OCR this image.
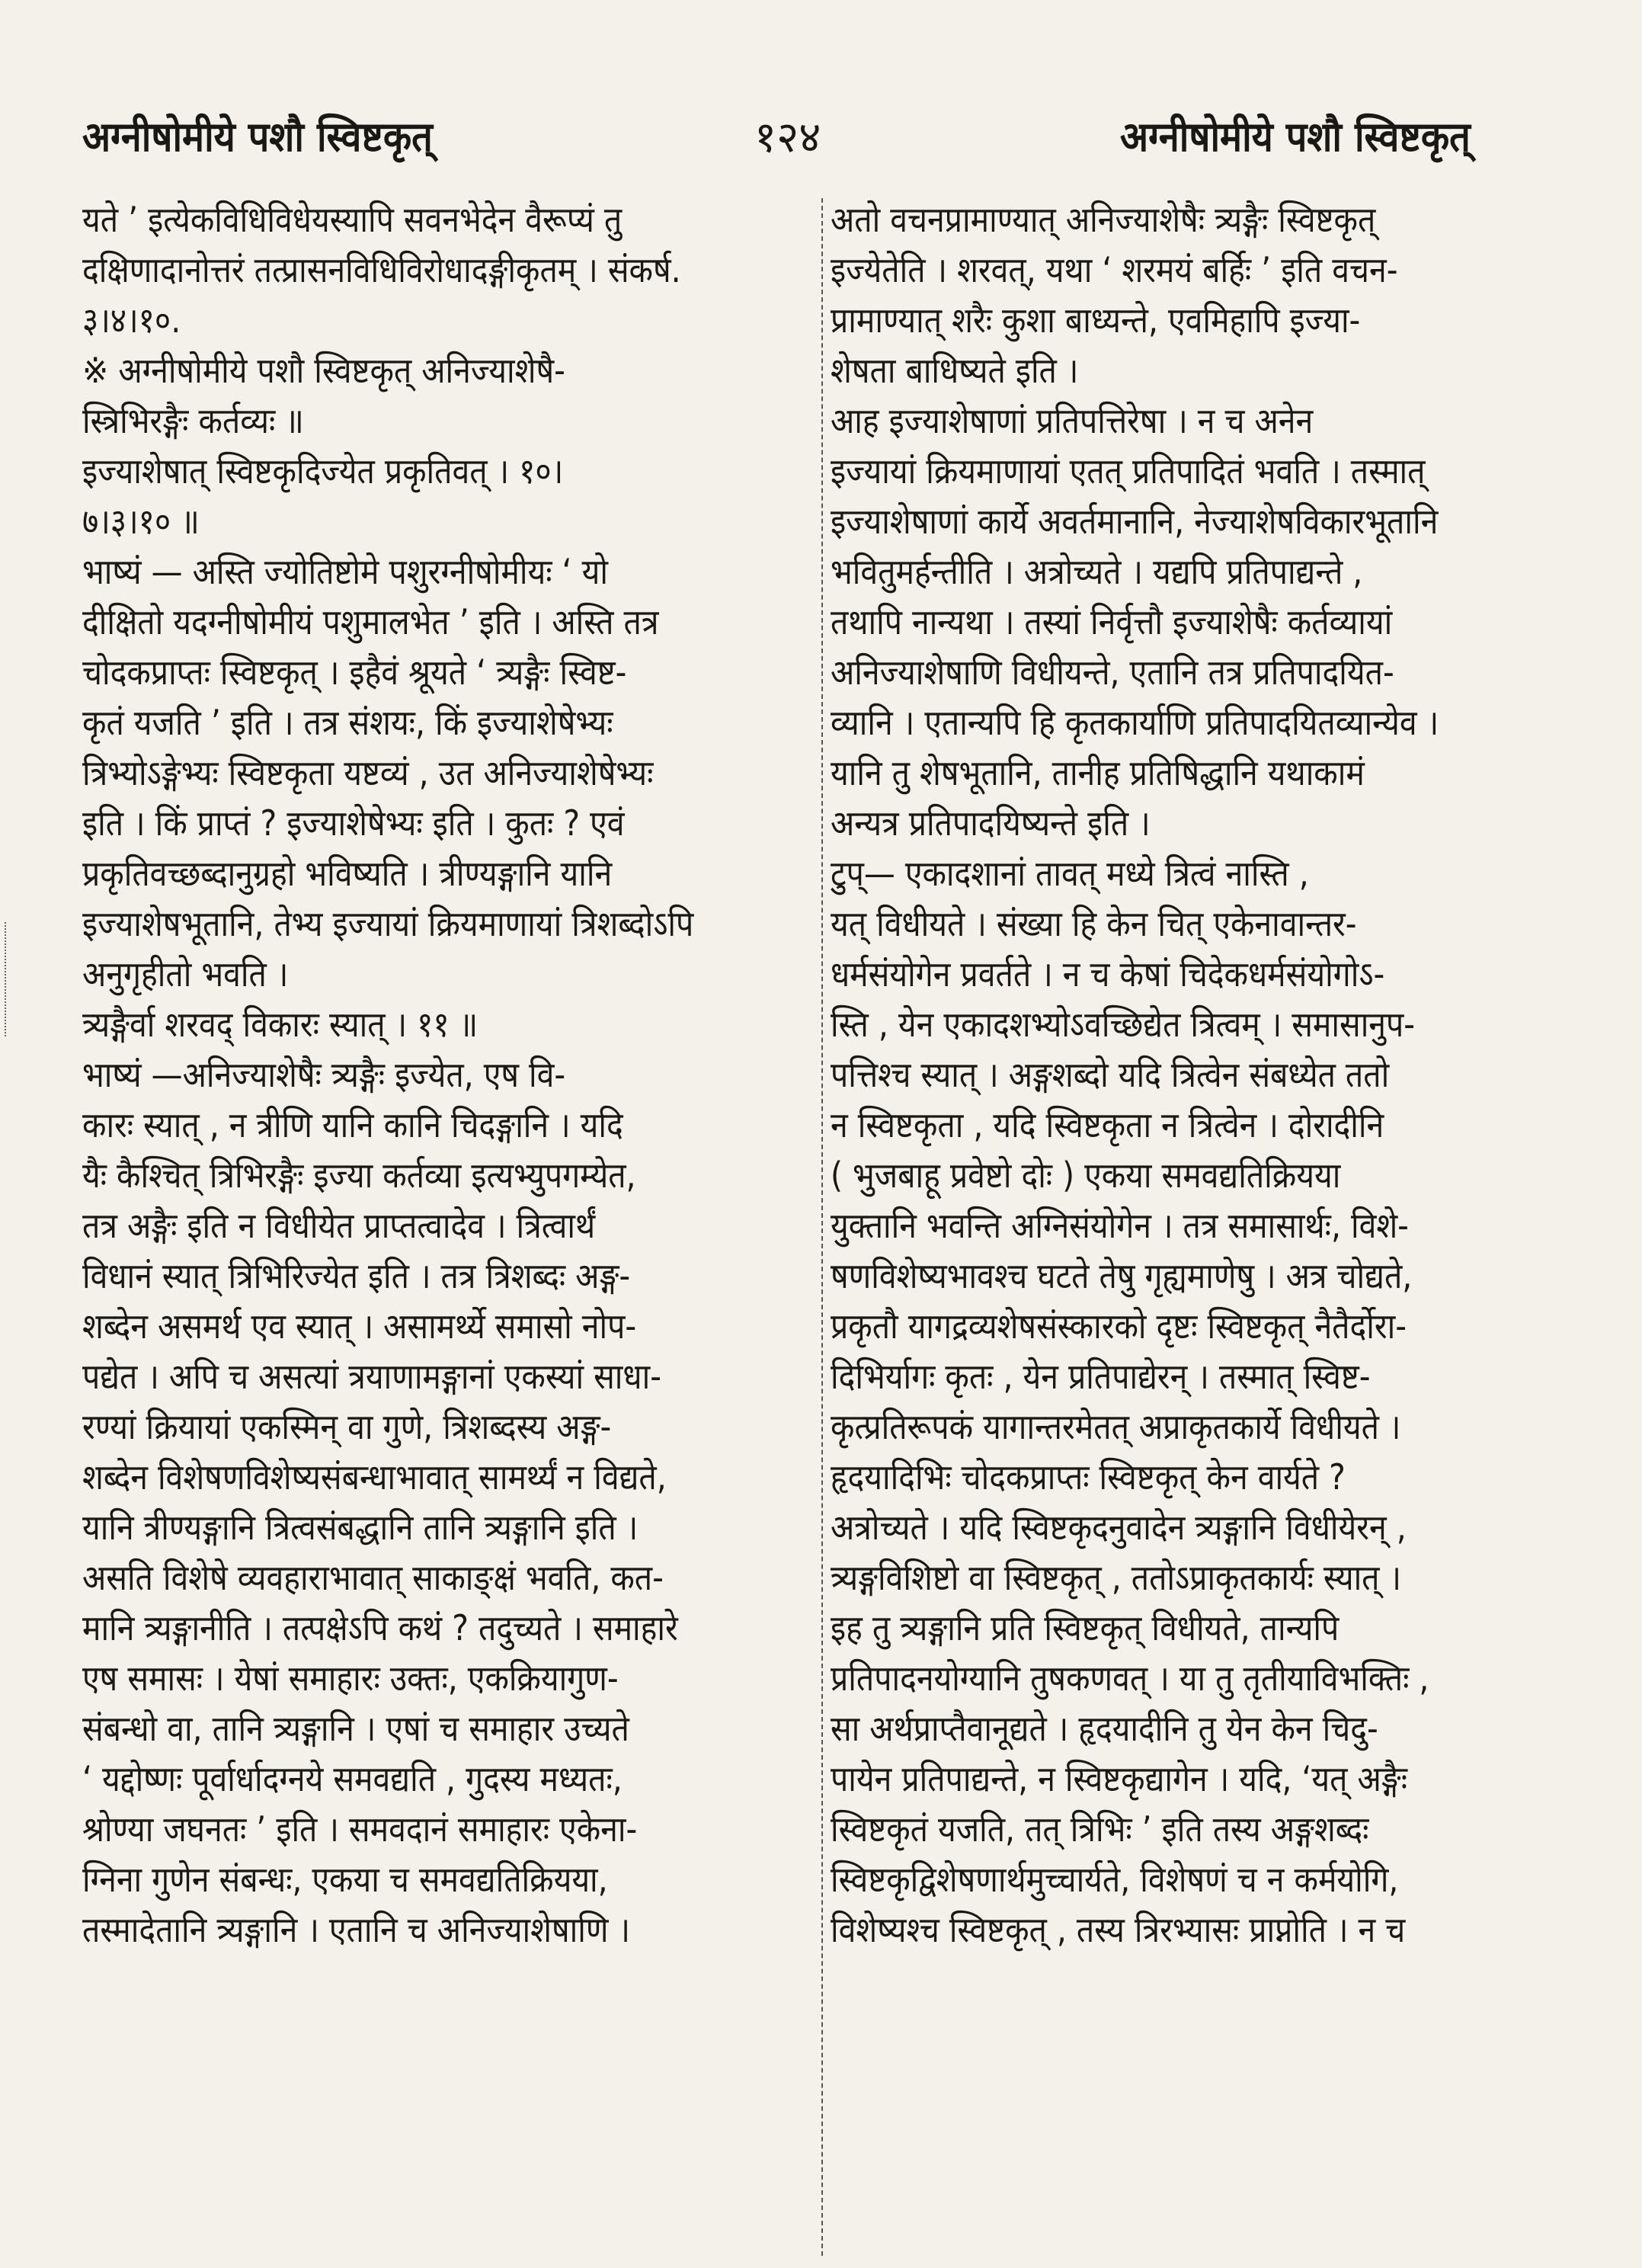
अग्नीषोमीये पशौ स्विष्टकृत्	१२४	अग्नीषोमीये पशौ स्विष्टकृत्
यते ’ इत्येकविधिविधेयस्यापि सवनभेदेन वैरूप्यं तु
दक्षिणादानोत्तरं तत्प्रासनविधिविरोधादङ्गीकृतम् । संकर्ष.
३।४।१०.
※ अग्नीषोमीये पशौ स्विष्टकृत् अनिज्याशेषै-
स्त्रिभिरङ्गैः कर्तव्यः ॥
इज्याशेषात् स्विष्टकृदिज्येत प्रकृतिवत् । १०।
७।३।१० ॥
भाष्यं — अस्ति ज्योतिष्टोमे पशुरग्नीषोमीयः ‘ यो
दीक्षितो यदग्नीषोमीयं पशुमालभेत ’ इति । अस्ति तत्र
चोदकप्राप्तः स्विष्टकृत् । इहैवं श्रूयते ‘ त्र्यङ्गैः स्विष्ट-
कृतं यजति ’ इति । तत्र संशयः, किं इज्याशेषेभ्यः
त्रिभ्योऽङ्गेभ्यः स्विष्टकृता यष्टव्यं , उत अनिज्याशेषेभ्यः
इति । किं प्राप्तं ? इज्याशेषेभ्यः इति । कुतः ? एवं
प्रकृतिवच्छब्दानुग्रहो भविष्यति । त्रीण्यङ्गानि यानि
इज्याशेषभूतानि, तेभ्य इज्यायां क्रियमाणायां त्रिशब्दोऽपि
अनुगृहीतो भवति ।
त्र्यङ्गैर्वा शरवद् विकारः स्यात् । ११ ॥
भाष्यं —अनिज्याशेषैः त्र्यङ्गैः इज्येत, एष वि-
कारः स्यात् , न त्रीणि यानि कानि चिदङ्गानि । यदि
यैः कैश्चित् त्रिभिरङ्गैः इज्या कर्तव्या इत्यभ्युपगम्येत,
तत्र अङ्गैः इति न विधीयेत प्राप्तत्वादेव । त्रित्वार्थं
विधानं स्यात् त्रिभिरिज्येत इति । तत्र त्रिशब्दः अङ्ग-
शब्देन असमर्थ एव स्यात् । असामर्थ्ये समासो नोप-
पद्येत । अपि च असत्यां त्रयाणामङ्गानां एकस्यां साधा-
रण्यां क्रियायां एकस्मिन् वा गुणे, त्रिशब्दस्य अङ्ग-
शब्देन विशेषणविशेष्यसंबन्धाभावात् सामर्थ्यं न विद्यते,
यानि त्रीण्यङ्गानि त्रित्वसंबद्धानि तानि त्र्यङ्गानि इति ।
असति विशेषे व्यवहाराभावात् साकाङ्क्षं भवति, कत-
मानि त्र्यङ्गानीति । तत्पक्षेऽपि कथं ? तदुच्यते । समाहारे
एष समासः । येषां समाहारः उक्तः, एकक्रियागुण-
संबन्धो वा, तानि त्र्यङ्गानि । एषां च समाहार उच्यते
‘ यद्दोष्णः पूर्वार्धादग्नये समवद्यति , गुदस्य मध्यतः,
श्रोण्या जघनतः ’ इति । समवदानं समाहारः एकेना-
ग्निना गुणेन संबन्धः, एकया च समवद्यतिक्रियया,
तस्मादेतानि त्र्यङ्गानि । एतानि च अनिज्याशेषाणि ।
अतो वचनप्रामाण्यात् अनिज्याशेषैः त्र्यङ्गैः स्विष्टकृत्
इज्येतेति । शरवत्, यथा ‘ शरमयं बर्हिः ’ इति वचन-
प्रामाण्यात् शरैः कुशा बाध्यन्ते, एवमिहापि इज्या-
शेषता बाधिष्यते इति ।
आह इज्याशेषाणां प्रतिपत्तिरेषा । न च अनेन
इज्यायां क्रियमाणायां एतत् प्रतिपादितं भवति । तस्मात्
इज्याशेषाणां कार्ये अवर्तमानानि, नेज्याशेषविकारभूतानि
भवितुमर्हन्तीति । अत्रोच्यते । यद्यपि प्रतिपाद्यन्ते ,
तथापि नान्यथा । तस्यां निर्वृत्तौ इज्याशेषैः कर्तव्यायां
अनिज्याशेषाणि विधीयन्ते, एतानि तत्र प्रतिपादयित-
व्यानि । एतान्यपि हि कृतकार्याणि प्रतिपादयितव्यान्येव ।
यानि तु शेषभूतानि, तानीह प्रतिषिद्धानि यथाकामं
अन्यत्र प्रतिपादयिष्यन्ते इति ।
टुप्— एकादशानां तावत् मध्ये त्रित्वं नास्ति ,
यत् विधीयते । संख्या हि केन चित् एकेनावान्तर-
धर्मसंयोगेन प्रवर्तते । न च केषां चिदेकधर्मसंयोगोऽ-
स्ति , येन एकादशभ्योऽवच्छिद्येत त्रित्वम् । समासानुप-
पत्तिश्च स्यात् । अङ्गशब्दो यदि त्रित्वेन संबध्येत ततो
न स्विष्टकृता , यदि स्विष्टकृता न त्रित्वेन । दोरादीनि
( भुजबाहू प्रवेष्टो दोः ) एकया समवद्यतिक्रियया
युक्तानि भवन्ति अग्निसंयोगेन । तत्र समासार्थः, विशे-
षणविशेष्यभावश्च घटते तेषु गृह्यमाणेषु । अत्र चोद्यते,
प्रकृतौ यागद्रव्यशेषसंस्कारको दृष्टः स्विष्टकृत् नैतैर्दोरा-
दिभिर्यागः कृतः , येन प्रतिपाद्येरन् । तस्मात् स्विष्ट-
कृत्प्रतिरूपकं यागान्तरमेतत् अप्राकृतकार्ये विधीयते ।
हृदयादिभिः चोदकप्राप्तः स्विष्टकृत् केन वार्यते ?
अत्रोच्यते । यदि स्विष्टकृदनुवादेन त्र्यङ्गानि विधीयेरन् ,
त्र्यङ्गविशिष्टो वा स्विष्टकृत् , ततोऽप्राकृतकार्यः स्यात् ।
इह तु त्र्यङ्गानि प्रति स्विष्टकृत् विधीयते, तान्यपि
प्रतिपादनयोग्यानि तुषकणवत् । या तु तृतीयाविभक्तिः ,
सा अर्थप्राप्तैवानूद्यते । हृदयादीनि तु येन केन चिदु-
पायेन प्रतिपाद्यन्ते, न स्विष्टकृद्यागेन । यदि, ‘यत् अङ्गैः
स्विष्टकृतं यजति, तत् त्रिभिः ’ इति तस्य अङ्गशब्दः
स्विष्टकृद्विशेषणार्थमुच्चार्यते, विशेषणं च न कर्मयोगि,
विशेष्यश्च स्विष्टकृत् , तस्य त्रिरभ्यासः प्राप्नोति । न च
